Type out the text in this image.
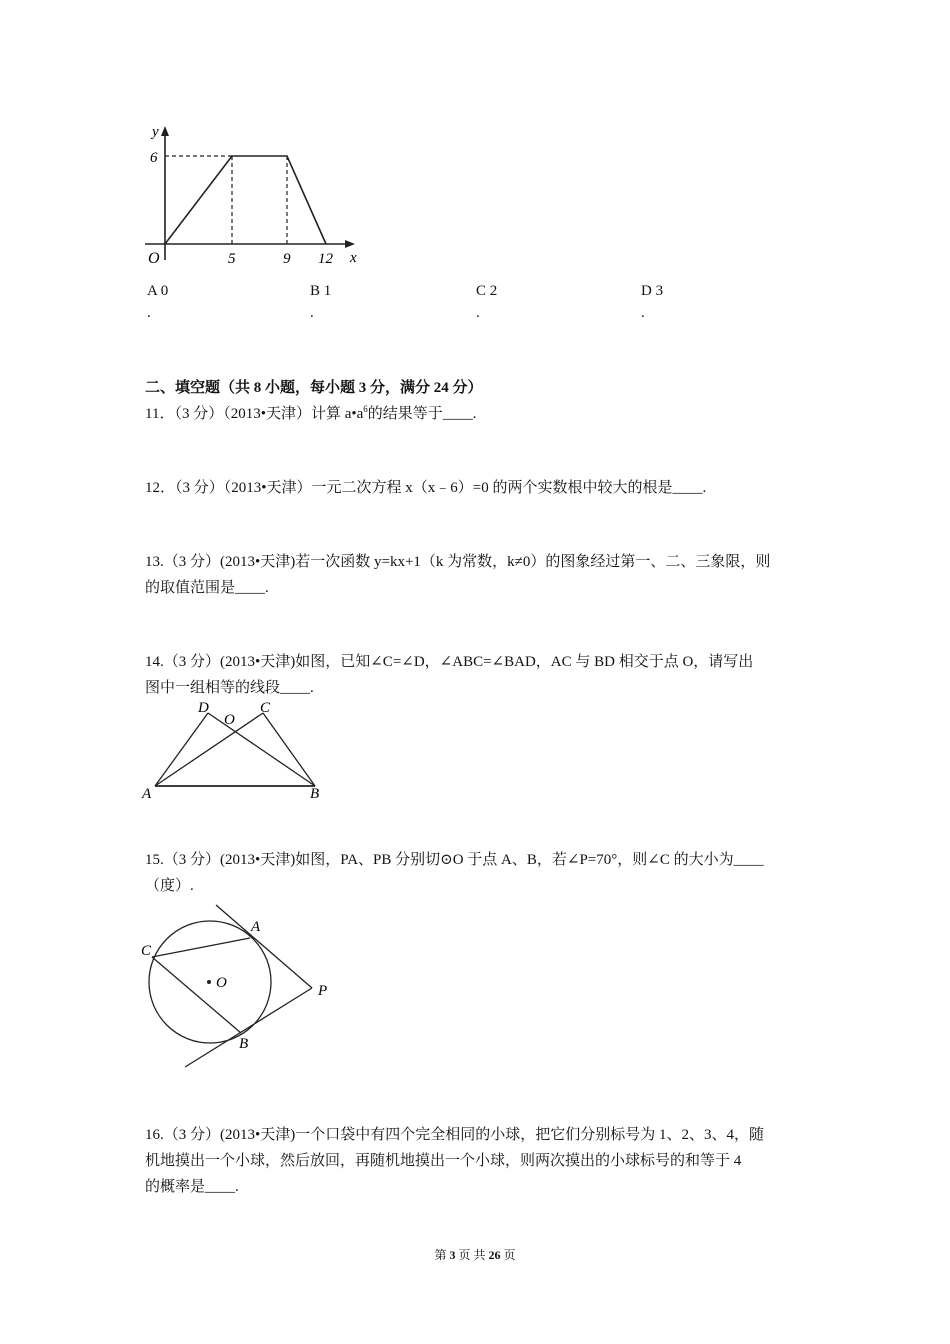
y
x
O
6
5	9 12
A 0	B 1	C 2	D 3
.	.	.	.
二、填空题（共 8 小题，每小题 3 分，满分 24 分）
11．（3 分）（2013•天津）计算 $a•a^6$的结果等于____.
12．（3 分）（2013•天津）一元二次方程 x（x﹣6）=0 的两个实数根中较大的根是____.
13.（3 分）(2013•天津)若一次函数 y=kx+1（k 为常数，k≠0）的图象经过第一、二、三象限，则
的取值范围是____.
14.（3 分）(2013•天津)如图，已知∠C=∠D，∠ABC=∠BAD，AC 与 BD 相交于点 O，请写出
图中一组相等的线段____.
D
O
C
A	B
15.（3 分）(2013•天津)如图，PA、PB 分别切⊙O 于点 A、B，若∠P=70°，则∠C 的大小为____
（度）.
C
A
O	P
B
16.（3 分）(2013•天津)一个口袋中有四个完全相同的小球，把它们分别标号为 1、2、3、4，随
机地摸出一个小球，然后放回，再随机地摸出一个小球，则两次摸出的小球标号的和等于 4
的概率是____.
第 3 页 共 26 页
